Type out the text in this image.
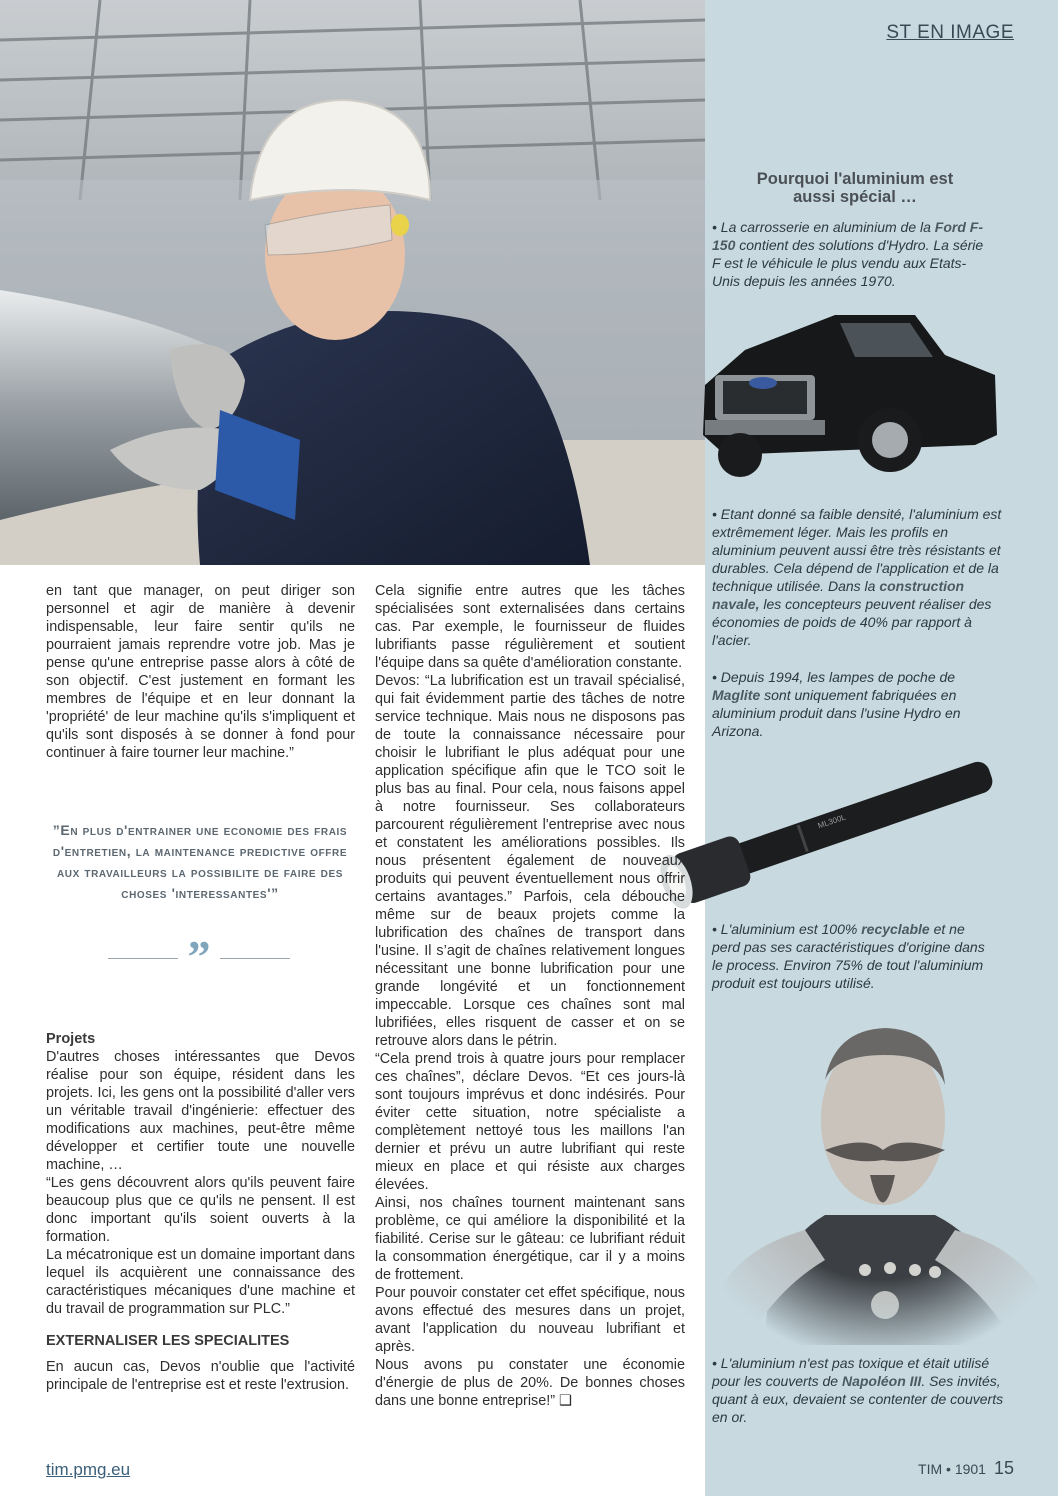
ST EN IMAGE
Pourquoi l'aluminium est aussi spécial …
• La carrosserie en aluminium de la Ford F-150 contient des solutions d'Hydro. La série F est le véhicule le plus vendu aux Etats-Unis depuis les années 1970.
• Etant donné sa faible densité, l'aluminium est extrêmement léger. Mais les profils en aluminium peuvent aussi être très résistants et durables. Cela dépend de l'application et de la technique utilisée. Dans la construction navale, les concepteurs peuvent réaliser des économies de poids de 40% par rapport à l'acier.
• Depuis 1994, les lampes de poche de Maglite sont uniquement fabriquées en aluminium produit dans l'usine Hydro en Arizona.
ML300L
• L'aluminium est 100% recyclable et ne perd pas ses caractéristiques d'origine dans le process. Environ 75% de tout l'aluminium produit est toujours utilisé.
• L'aluminium n'est pas toxique et était utilisé pour les couverts de Napoléon III. Ses invités, quant à eux, devaient se contenter de couverts en or.

en tant que manager, on peut diriger son personnel et agir de manière à devenir indispensable, leur faire sentir qu'ils ne pourraient jamais reprendre votre job. Mas je pense qu'une entreprise passe alors à côté de son objectif. C'est justement en formant les membres de l'équipe et en leur donnant la 'propriété' de leur machine qu'ils s'impliquent et qu'ils sont disposés à se donner à fond pour continuer à faire tourner leur machine.”

”En plus d'entrainer une economie des frais d'entretien, la maintenance predictive offre aux travailleurs la possibilite de faire des choses 'interessantes'”
”
Projets

D'autres choses intéressantes que Devos réalise pour son équipe, résident dans les projets. Ici, les gens ont la possibilité d'aller vers un véritable travail d'ingénierie: effectuer des modifications aux machines, peut-être même développer et certifier toute une nouvelle machine, …

“Les gens découvrent alors qu'ils peuvent faire beaucoup plus que ce qu'ils ne pensent. Il est donc important qu'ils soient ouverts à la formation.

La mécatronique est un domaine important dans lequel ils acquièrent une connaissance des caractéristiques mécaniques d'une machine et du travail de programmation sur PLC.”

EXTERNALISER LES SPECIALITES

En aucun cas, Devos n'oublie que l'activité principale de l'entreprise est et reste l'extrusion.

Cela signifie entre autres que les tâches spécialisées sont externalisées dans certains cas. Par exemple, le fournisseur de fluides lubrifiants passe régulièrement et soutient l'équipe dans sa quête d'amélioration constante.

Devos: “La lubrification est un travail spécialisé, qui fait évidemment partie des tâches de notre service technique. Mais nous ne disposons pas de toute la connaissance nécessaire pour choisir le lubrifiant le plus adéquat pour une application spécifique afin que le TCO soit le plus bas au final. Pour cela, nous faisons appel à notre fournisseur. Ses collaborateurs parcourent régulièrement l'entreprise avec nous et constatent les améliorations possibles. Ils nous présentent également de nouveaux produits qui peuvent éventuellement nous offrir certains avantages.” Parfois, cela débouche même sur de beaux projets comme la lubrification des chaînes de transport dans l'usine. Il s’agit de chaînes relativement longues nécessitant une bonne lubrification pour une grande longévité et un fonctionnement impeccable. Lorsque ces chaînes sont mal lubrifiées, elles risquent de casser et on se retrouve alors dans le pétrin.

“Cela prend trois à quatre jours pour remplacer ces chaînes”, déclare Devos. “Et ces jours-là sont toujours imprévus et donc indésirés. Pour éviter cette situation, notre spécialiste a complètement nettoyé tous les maillons l'an dernier et prévu un autre lubrifiant qui reste mieux en place et qui résiste aux charges élevées.

Ainsi, nos chaînes tournent maintenant sans problème, ce qui améliore la disponibilité et la fiabilité. Cerise sur le gâteau: ce lubrifiant réduit la consommation énergétique, car il y a moins de frottement.

Pour pouvoir constater cet effet spécifique, nous avons effectué des mesures dans un projet, avant l'application du nouveau lubrifiant et après.

Nous avons pu constater une économie d'énergie de plus de 20%. De bonnes choses dans une bonne entreprise!” ❑

tim.pmg.eu	TIM • 1901 15
